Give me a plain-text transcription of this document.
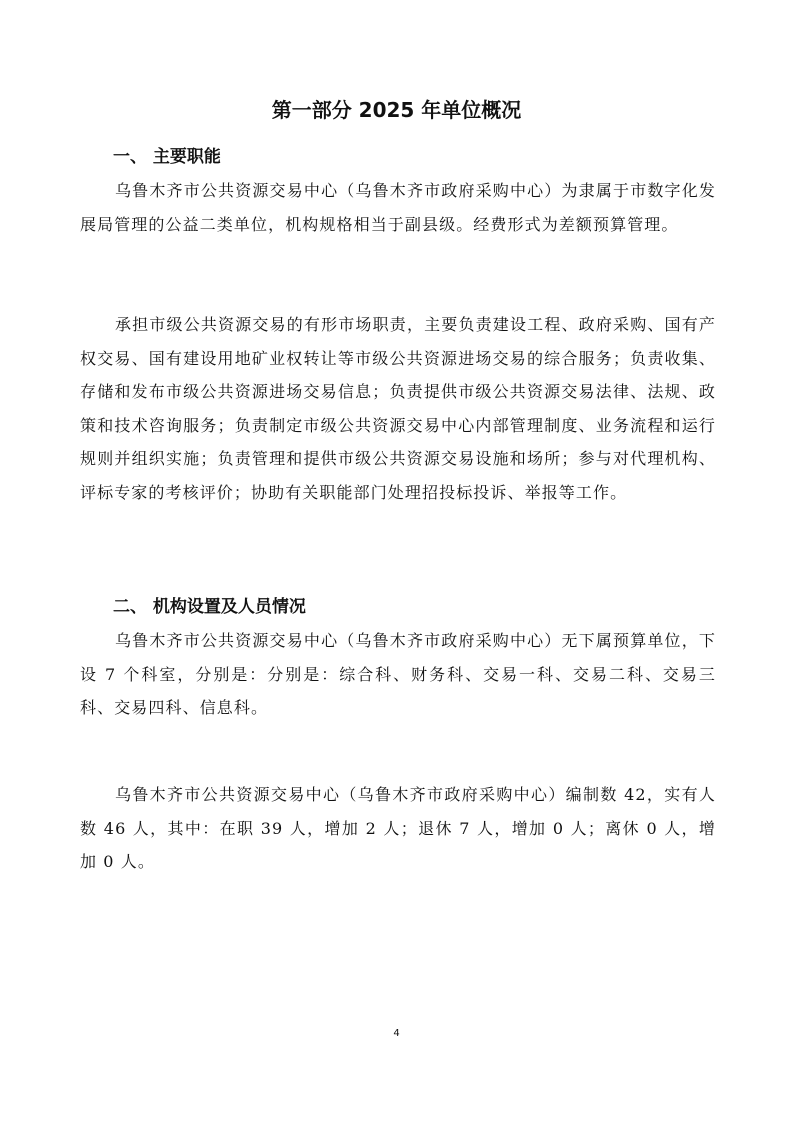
第一部分 2025 年单位概况
一、 主要职能

乌鲁木齐市公共资源交易中心（乌鲁木齐市政府采购中心）为隶属于市数字化发展局管理的公益二类单位，机构规格相当于副县级。经费形式为差额预算管理。

承担市级公共资源交易的有形市场职责，主要负责建设工程、政府采购、国有产权交易、国有建设用地矿业权转让等市级公共资源进场交易的综合服务；负责收集、存储和发布市级公共资源进场交易信息；负责提供市级公共资源交易法律、法规、政策和技术咨询服务；负责制定市级公共资源交易中心内部管理制度、业务流程和运行规则并组织实施；负责管理和提供市级公共资源交易设施和场所；参与对代理机构、评标专家的考核评价；协助有关职能部门处理招投标投诉、举报等工作。

二、 机构设置及人员情况

乌鲁木齐市公共资源交易中心（乌鲁木齐市政府采购中心）无下属预算单位，下设 7 个科室，分别是：分别是：综合科、财务科、交易一科、交易二科、交易三科、交易四科、信息科。

乌鲁木齐市公共资源交易中心（乌鲁木齐市政府采购中心）编制数 42，实有人数 46 人，其中：在职 39 人，增加 2 人；退休 7 人，增加 0 人；离休 0 人，增加 0 人。

4
